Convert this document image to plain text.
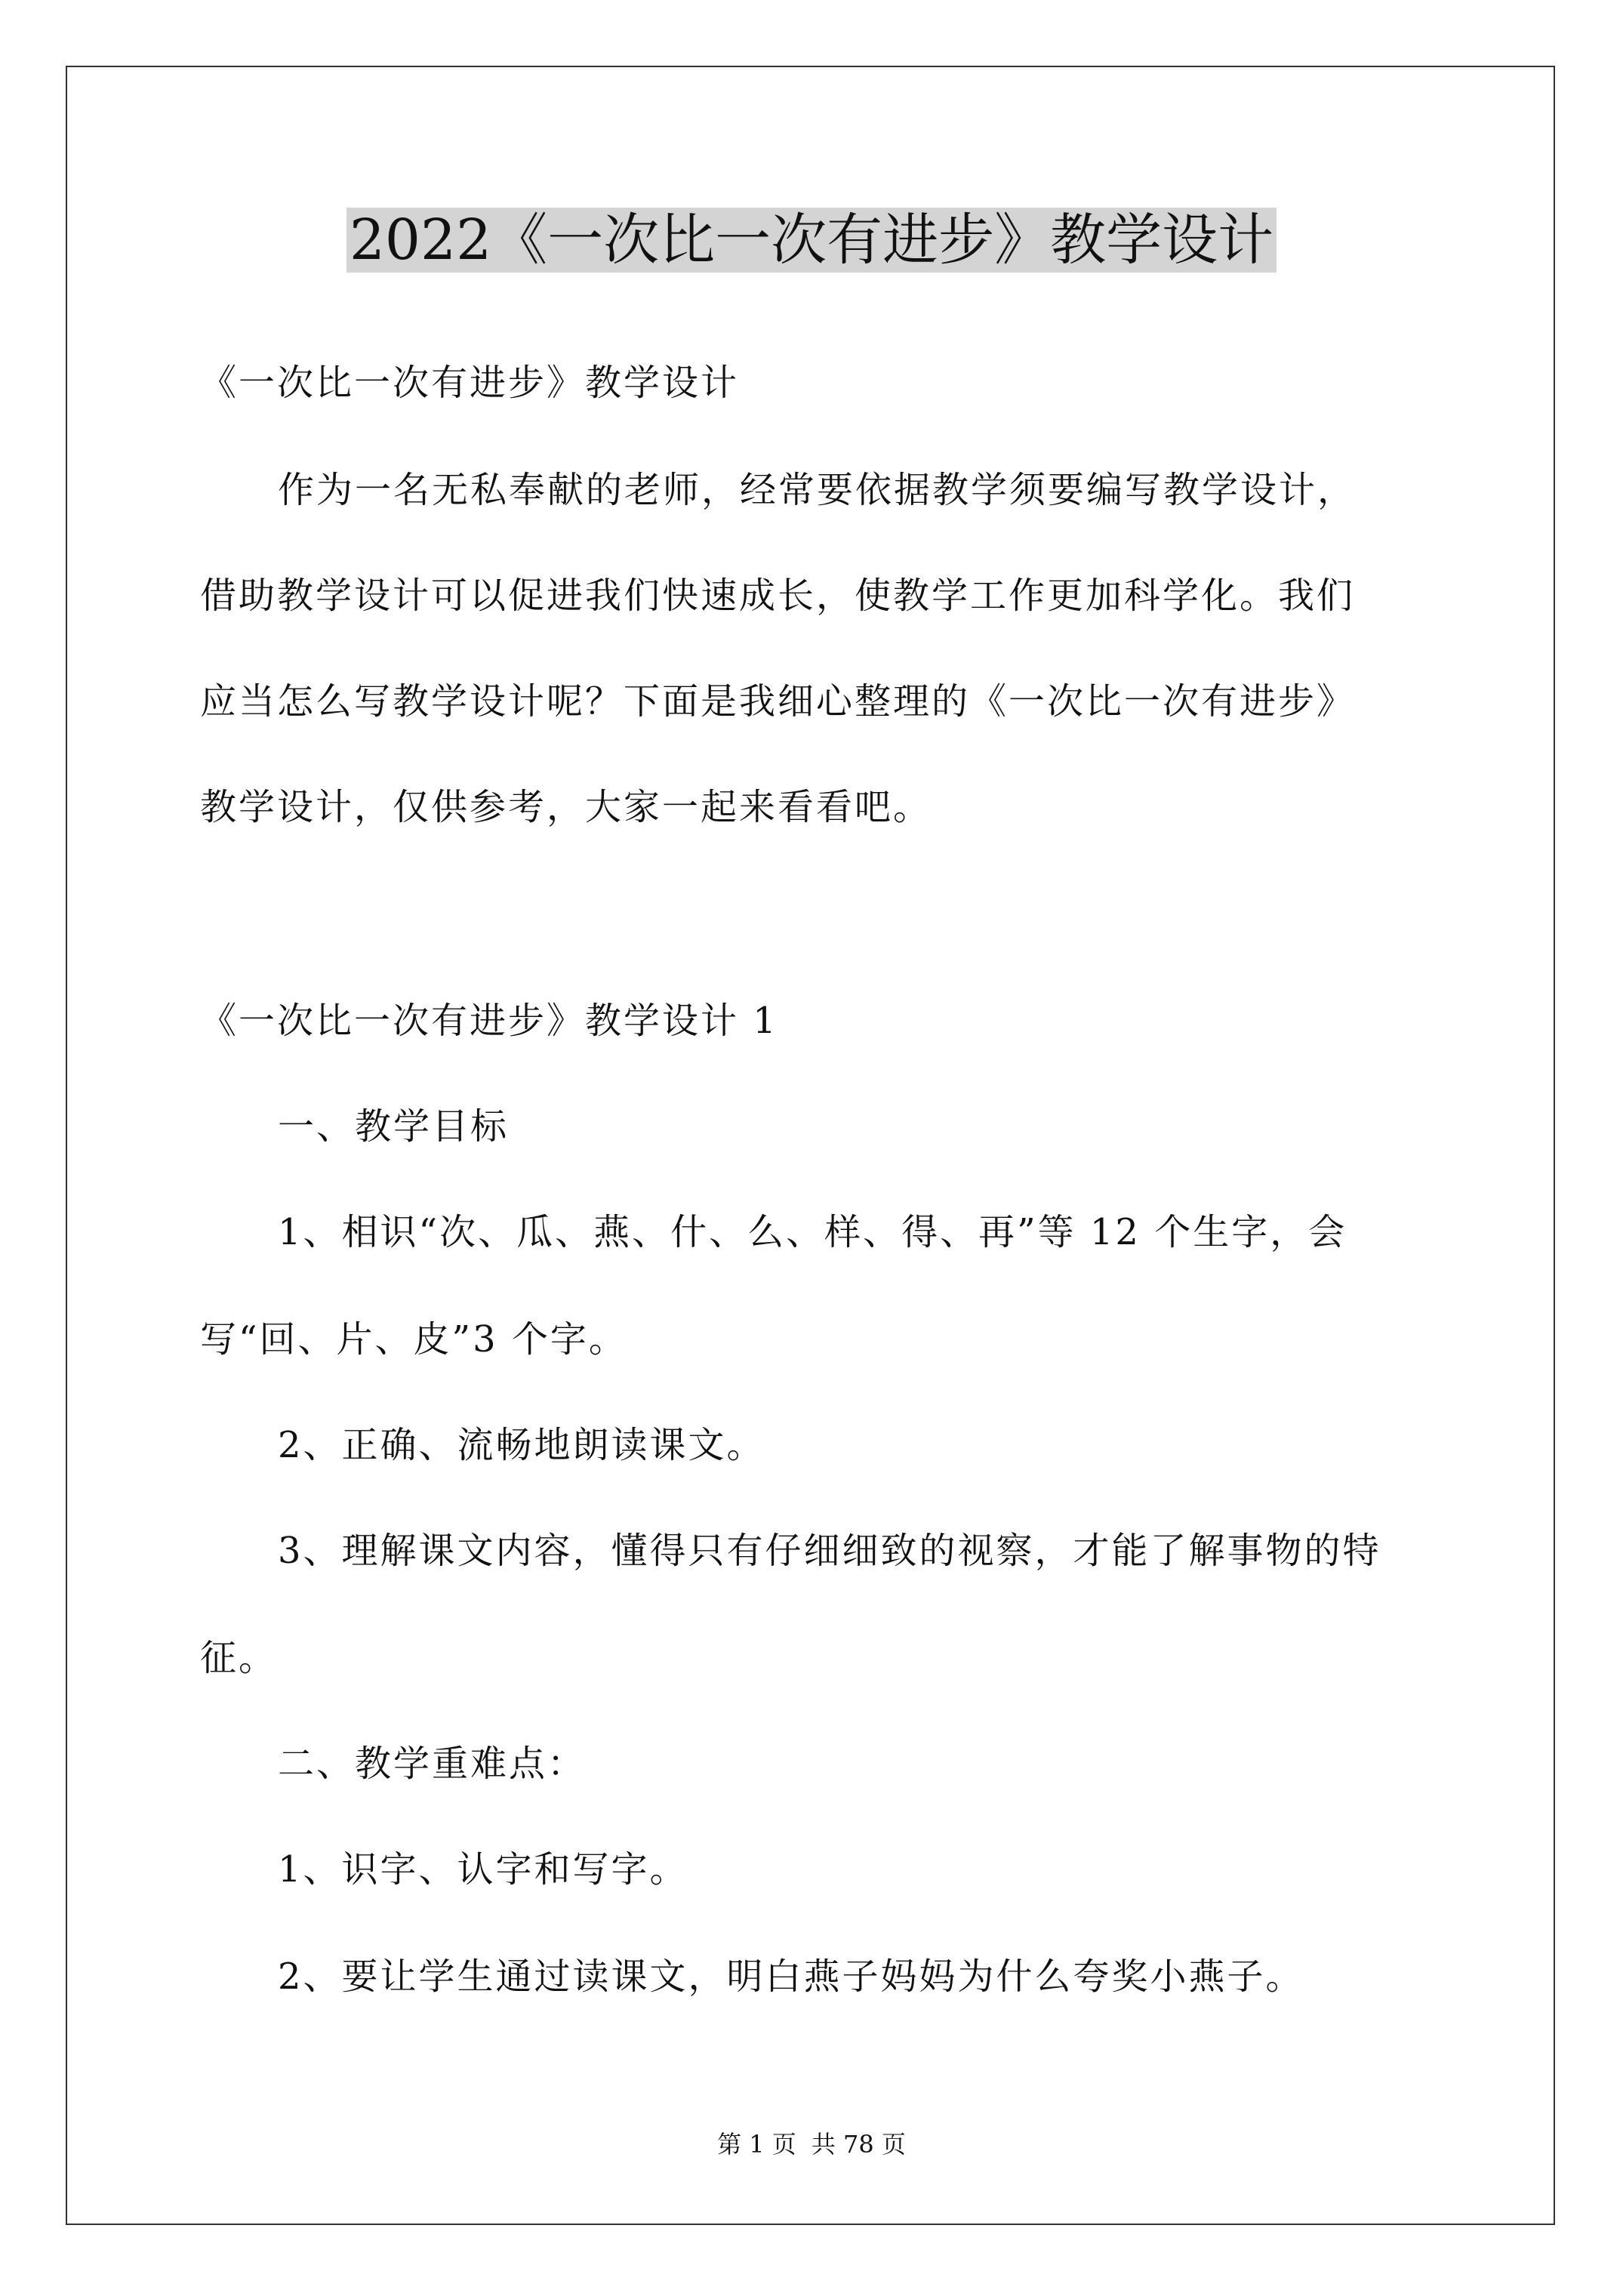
2022《一次比一次有进步》教学设计
《一次比一次有进步》教学设计
作为一名无私奉献的老师，经常要依据教学须要编写教学设计，
借助教学设计可以促进我们快速成长，使教学工作更加科学化。我们
应当怎么写教学设计呢？下面是我细心整理的《一次比一次有进步》
教学设计，仅供参考，大家一起来看看吧。
《一次比一次有进步》教学设计 1
一、教学目标
1、相识“次、瓜、燕、什、么、样、得、再”等 12 个生字，会
写“回、片、皮”3 个字。
2、正确、流畅地朗读课文。
3、理解课文内容，懂得只有仔细细致的视察，才能了解事物的特
征。
二、教学重难点：
1、识字、认字和写字。
2、要让学生通过读课文，明白燕子妈妈为什么夸奖小燕子。
第 1 页 共 78 页
